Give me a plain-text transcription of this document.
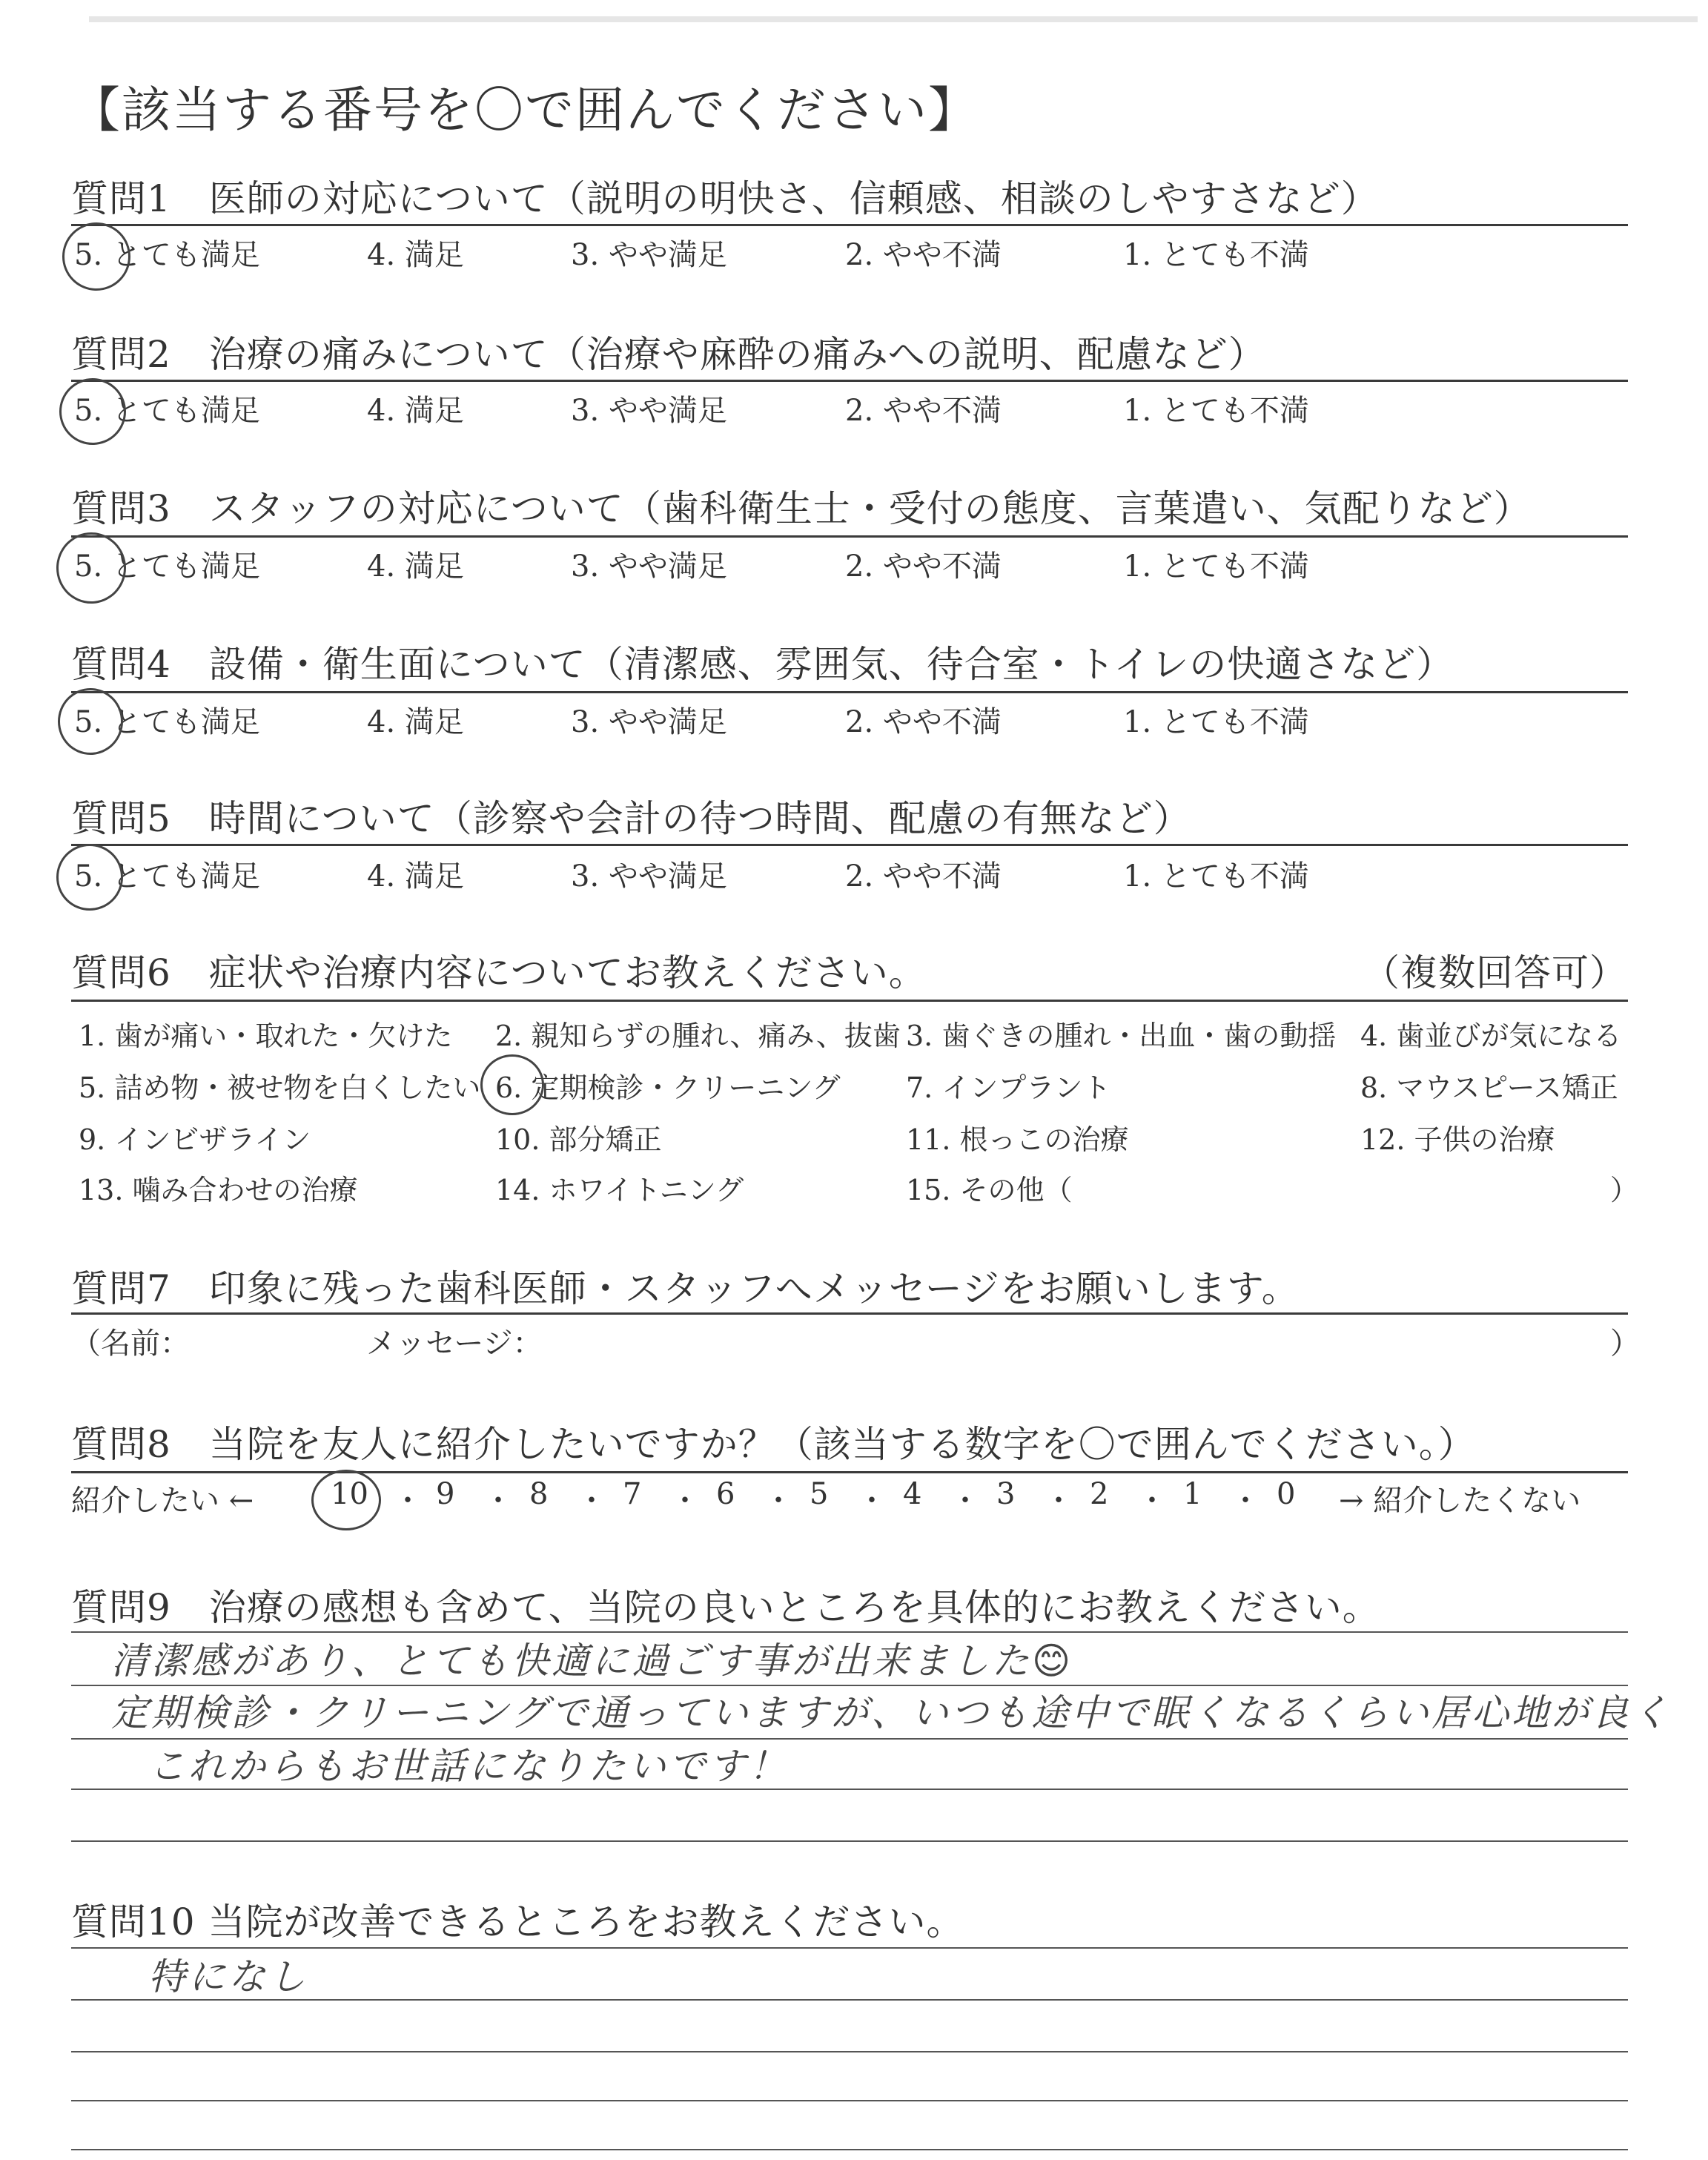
【該当する番号を〇で囲んでください】
質問1　医師の対応について（説明の明快さ、信頼感、相談のしやすさなど）
5. とても満足	4. 満足	3. やや満足	2. やや不満	1. とても不満
質問2　治療の痛みについて（治療や麻酔の痛みへの説明、配慮など）
5. とても満足	4. 満足	3. やや満足	2. やや不満	1. とても不満
質問3　スタッフの対応について（歯科衛生士・受付の態度、言葉遣い、気配りなど）
5. とても満足	4. 満足	3. やや満足	2. やや不満	1. とても不満
質問4　設備・衛生面について（清潔感、雰囲気、待合室・トイレの快適さなど）
5. とても満足	4. 満足	3. やや満足	2. やや不満	1. とても不満
質問5　時間について（診察や会計の待つ時間、配慮の有無など）
5. とても満足	4. 満足	3. やや満足	2. やや不満	1. とても不満
質問6　症状や治療内容についてお教えください。	（複数回答可）
1. 歯が痛い・取れた・欠けた 2. 親知らずの腫れ、痛み、抜歯 3. 歯ぐきの腫れ・出血・歯の動揺 4. 歯並びが気になる
5. 詰め物・被せ物を白くしたい 6. 定期検診・クリーニング 7. インプラント	8. マウスピース矯正
9. インビザライン	10. 部分矯正	11. 根っこの治療	12. 子供の治療
13. 噛み合わせの治療	14. ホワイトニング	15. その他（	）
質問7　印象に残った歯科医師・スタッフへメッセージをお願いします。
（名前：	メッセージ：	）
質問8　当院を友人に紹介したいですか？（該当する数字を〇で囲んでください。）
紹介したい ←	10 ・ 9 ・ 8 ・ 7 ・ 6 ・ 5 ・ 4 ・ 3 ・ 2 ・ 1 ・ 0 → 紹介したくない
質問9　治療の感想も含めて、当院の良いところを具体的にお教えください。
清潔感があり、とても快適に過ごす事が出来ました😊
定期検診・クリーニングで通っていますが、いつも途中で眠くなるくらい居心地が良く
これからもお世話になりたいです！
質問10 当院が改善できるところをお教えください。
特になし
